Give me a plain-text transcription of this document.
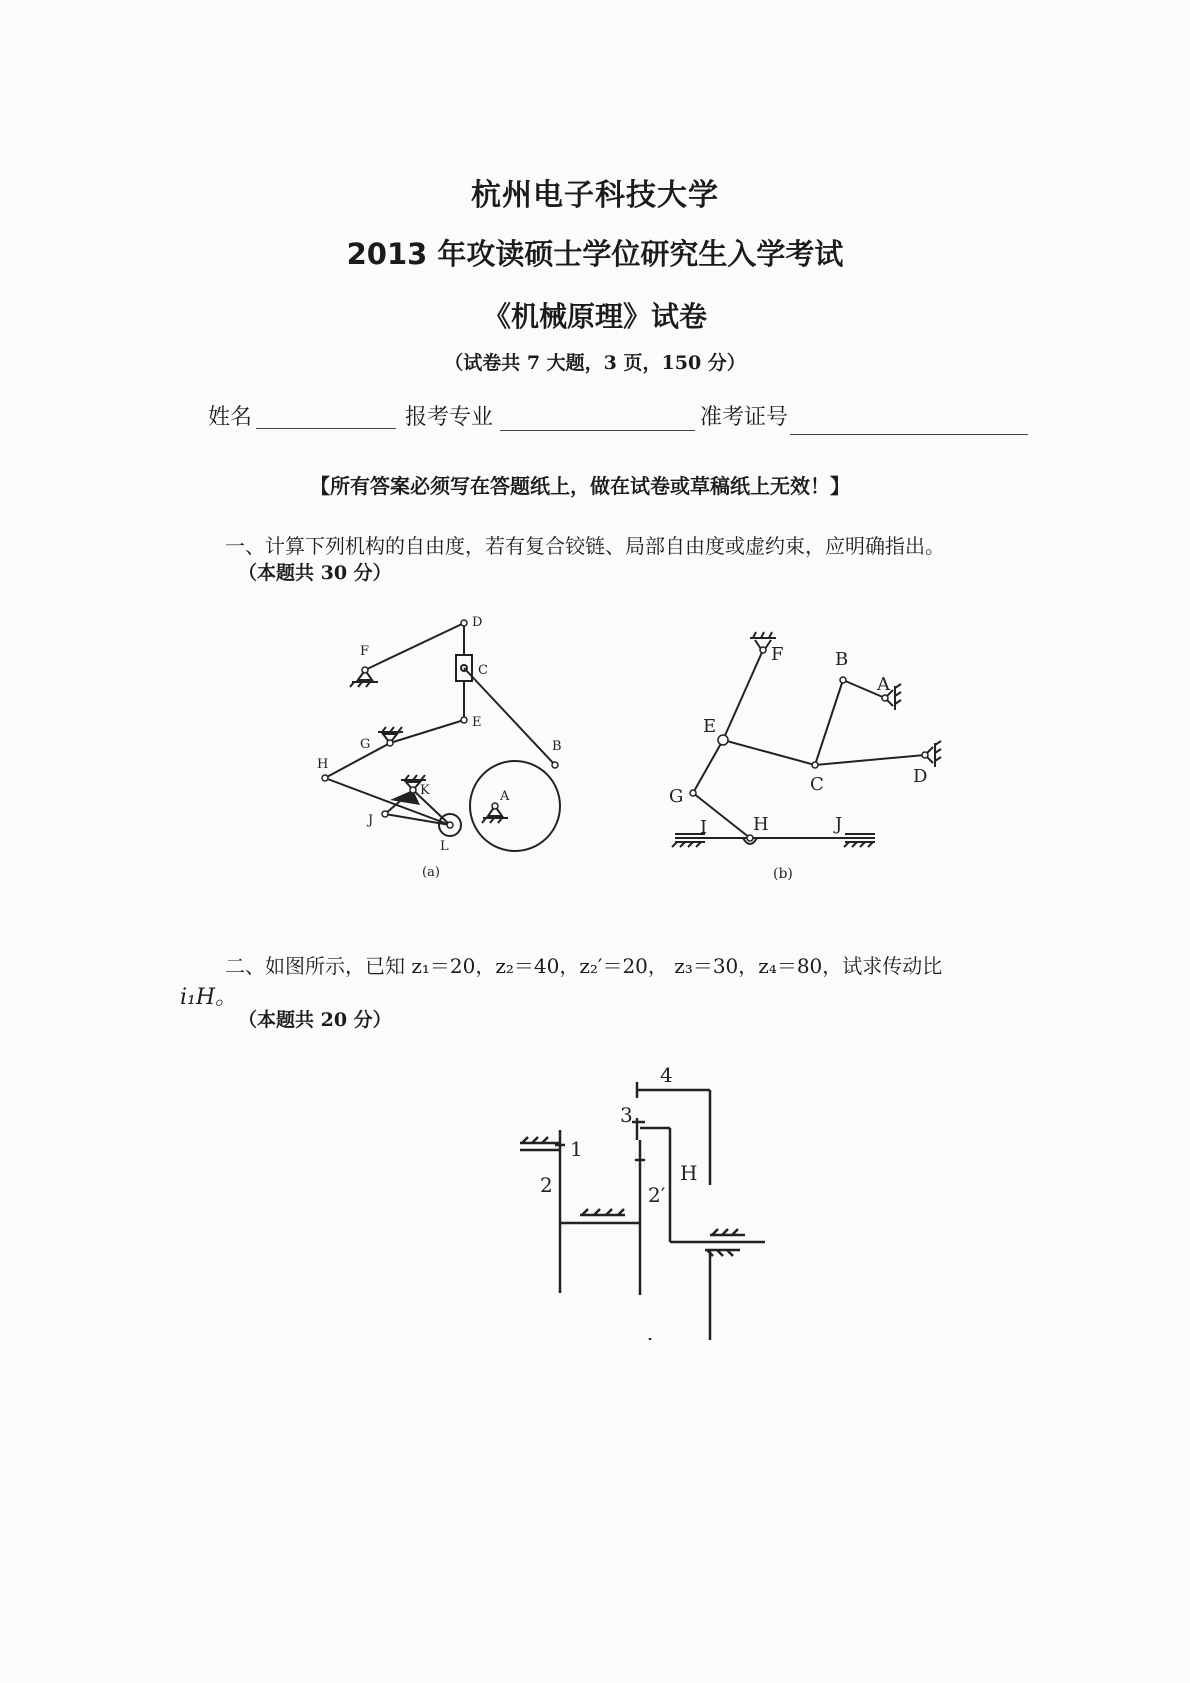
杭州电子科技大学
2013 年攻读硕士学位研究生入学考试
《机械原理》试卷
（试卷共 7 大题，3 页，150 分）
姓名	报考专业	准考证号
【所有答案必须写在答题纸上，做在试卷或草稿纸上无效！】
一、计算下列机构的自由度，若有复合铰链、局部自由度或虚约束，应明确指出。
（本题共 30 分）
D
F
C
E
G	B
H
K	A
J
L
(a)
F	B
A
E
C	D
G
I	H	J
(b)
二、如图所示，已知 z₁＝20，z₂＝40，z₂′＝20， z₃＝30，z₄＝80，试求传动比
i₁H。
（本题共 20 分）
4
3
1
2	2′
H
